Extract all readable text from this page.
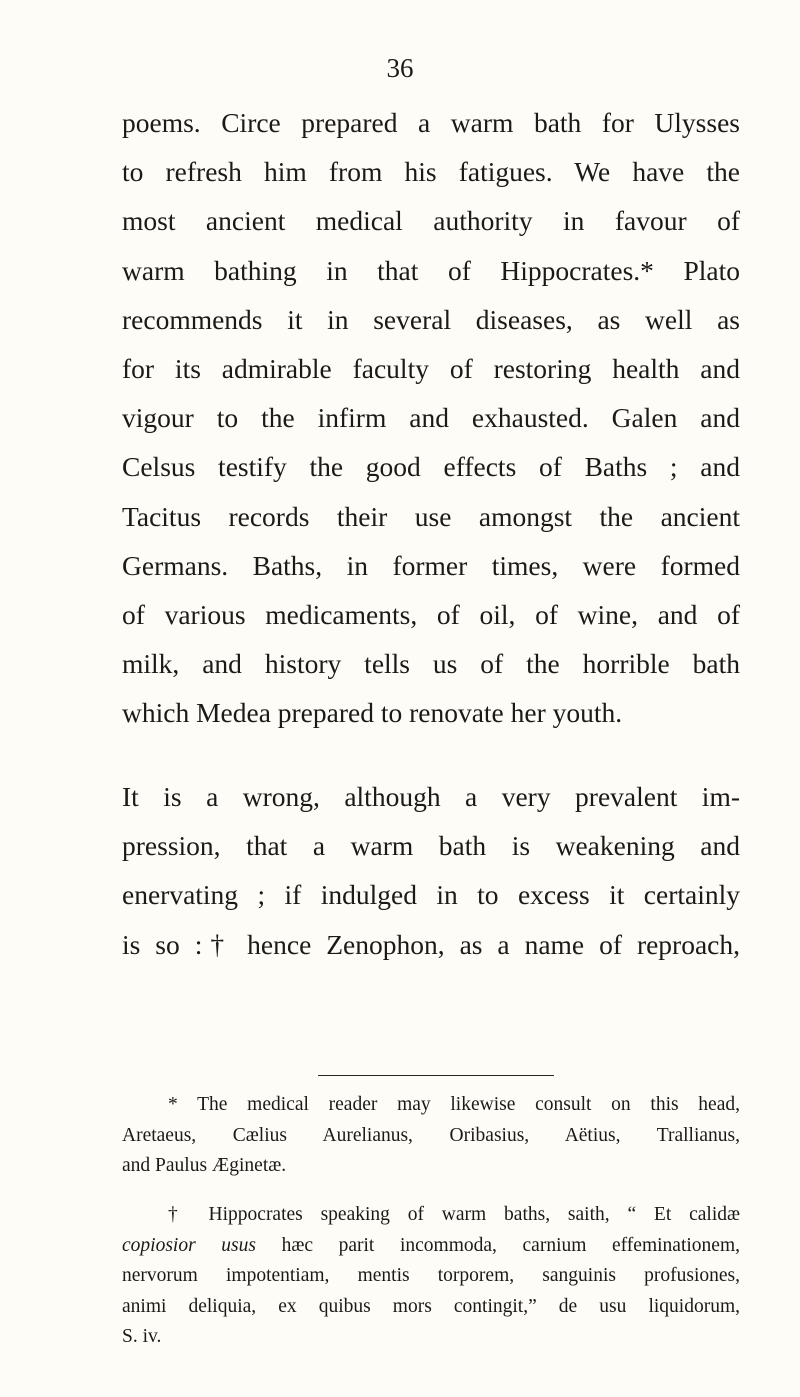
36
poems. Circe prepared a warm bath for Ulysses
to refresh him from his fatigues. We have the
most ancient medical authority in favour of
warm bathing in that of Hippocrates.* Plato
recommends it in several diseases, as well as
for its admirable faculty of restoring health and
vigour to the infirm and exhausted. Galen and
Celsus testify the good effects of Baths ; and
Tacitus records their use amongst the ancient
Germans. Baths, in former times, were formed
of various medicaments, of oil, of wine, and of
milk, and history tells us of the horrible bath
which Medea prepared to renovate her youth.
It is a wrong, although a very prevalent im-
pression, that a warm bath is weakening and
enervating ; if indulged in to excess it certainly
is so :† hence Zenophon, as a name of reproach,
* The medical reader may likewise consult on this head,
Aretaeus, Cælius Aurelianus, Oribasius, Aëtius, Trallianus,
and Paulus Æginetæ.
† Hippocrates speaking of warm baths, saith, “ Et calidæ
copiosior usus hæc parit incommoda, carnium effeminationem,
nervorum impotentiam, mentis torporem, sanguinis profusiones,
animi deliquia, ex quibus mors contingit,” de usu liquidorum,
S. iv.
